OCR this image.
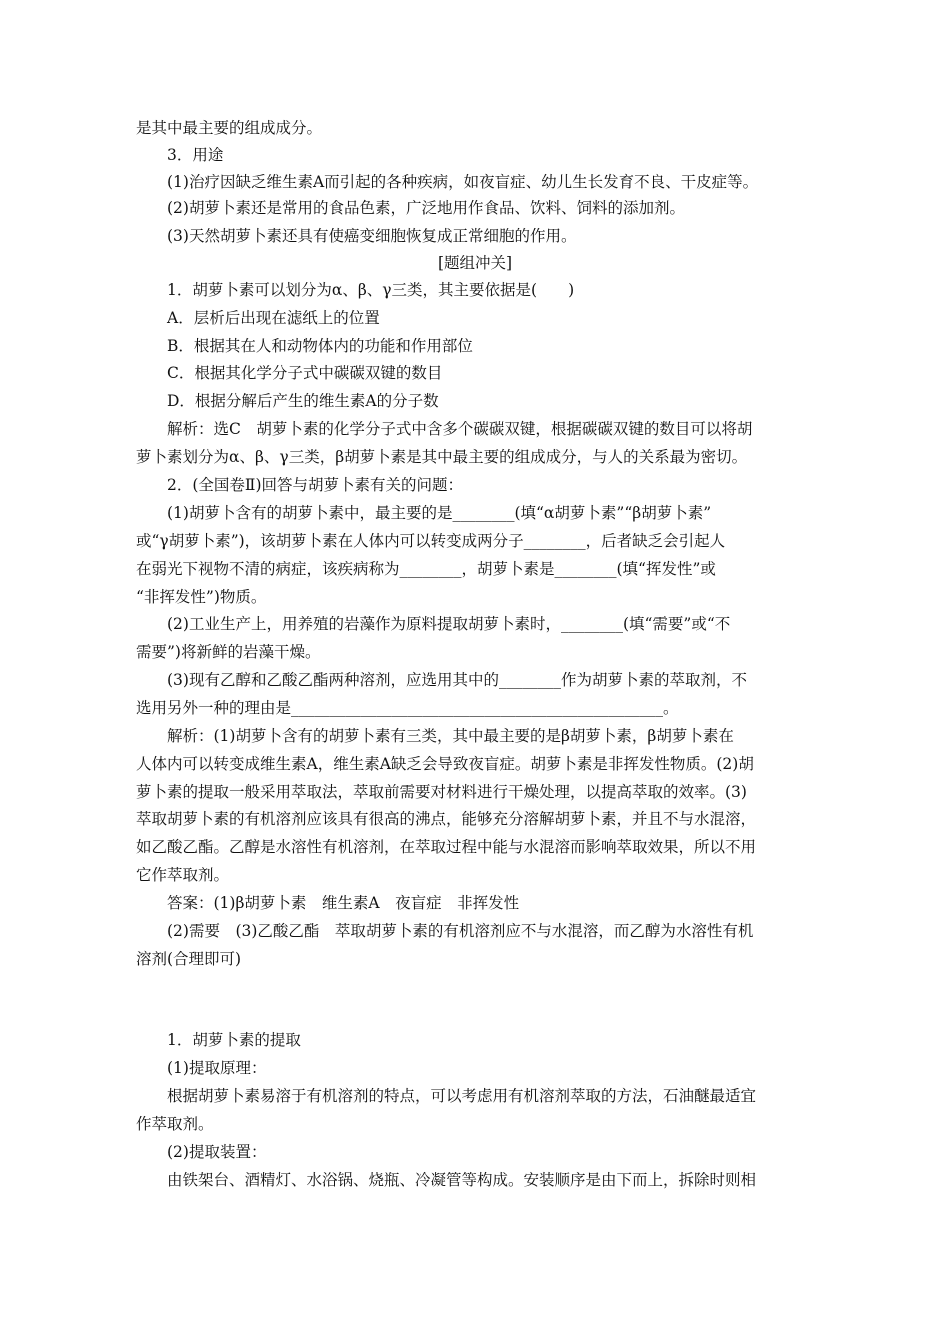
是其中最主要的组成成分。
3．用途
(1)治疗因缺乏维生素A而引起的各种疾病，如夜盲症、幼儿生长发育不良、干皮症等。
(2)胡萝卜素还是常用的食品色素，广泛地用作食品、饮料、饲料的添加剂。
(3)天然胡萝卜素还具有使癌变细胞恢复成正常细胞的作用。
[题组冲关]
1．胡萝卜素可以划分为α、β、γ三类，其主要依据是(　　)
A．层析后出现在滤纸上的位置
B．根据其在人和动物体内的功能和作用部位
C．根据其化学分子式中碳碳双键的数目
D．根据分解后产生的维生素A的分子数
解析：选C　胡萝卜素的化学分子式中含多个碳碳双键，根据碳碳双键的数目可以将胡
萝卜素划分为α、β、γ三类，β胡萝卜素是其中最主要的组成成分，与人的关系最为密切。
2．(全国卷Ⅱ)回答与胡萝卜素有关的问题：
(1)胡萝卜含有的胡萝卜素中，最主要的是________(填“α胡萝卜素”“β胡萝卜素”
或“γ胡萝卜素”)，该胡萝卜素在人体内可以转变成两分子________，后者缺乏会引起人
在弱光下视物不清的病症，该疾病称为________，胡萝卜素是________(填“挥发性”或
“非挥发性”)物质。
(2)工业生产上，用养殖的岩藻作为原料提取胡萝卜素时，________(填“需要”或“不
需要”)将新鲜的岩藻干燥。
(3)现有乙醇和乙酸乙酯两种溶剂，应选用其中的________作为胡萝卜素的萃取剂，不
选用另外一种的理由是________________________________________________。
解析：(1)胡萝卜含有的胡萝卜素有三类，其中最主要的是β胡萝卜素，β胡萝卜素在
人体内可以转变成维生素A，维生素A缺乏会导致夜盲症。胡萝卜素是非挥发性物质。(2)胡
萝卜素的提取一般采用萃取法，萃取前需要对材料进行干燥处理，以提高萃取的效率。(3)
萃取胡萝卜素的有机溶剂应该具有很高的沸点，能够充分溶解胡萝卜素，并且不与水混溶，
如乙酸乙酯。乙醇是水溶性有机溶剂，在萃取过程中能与水混溶而影响萃取效果，所以不用
它作萃取剂。
答案：(1)β胡萝卜素　维生素A　夜盲症　非挥发性
(2)需要　(3)乙酸乙酯　萃取胡萝卜素的有机溶剂应不与水混溶，而乙醇为水溶性有机
溶剂(合理即可)
1．胡萝卜素的提取
(1)提取原理：
根据胡萝卜素易溶于有机溶剂的特点，可以考虑用有机溶剂萃取的方法，石油醚最适宜
作萃取剂。
(2)提取装置：
由铁架台、酒精灯、水浴锅、烧瓶、冷凝管等构成。安装顺序是由下而上，拆除时则相
